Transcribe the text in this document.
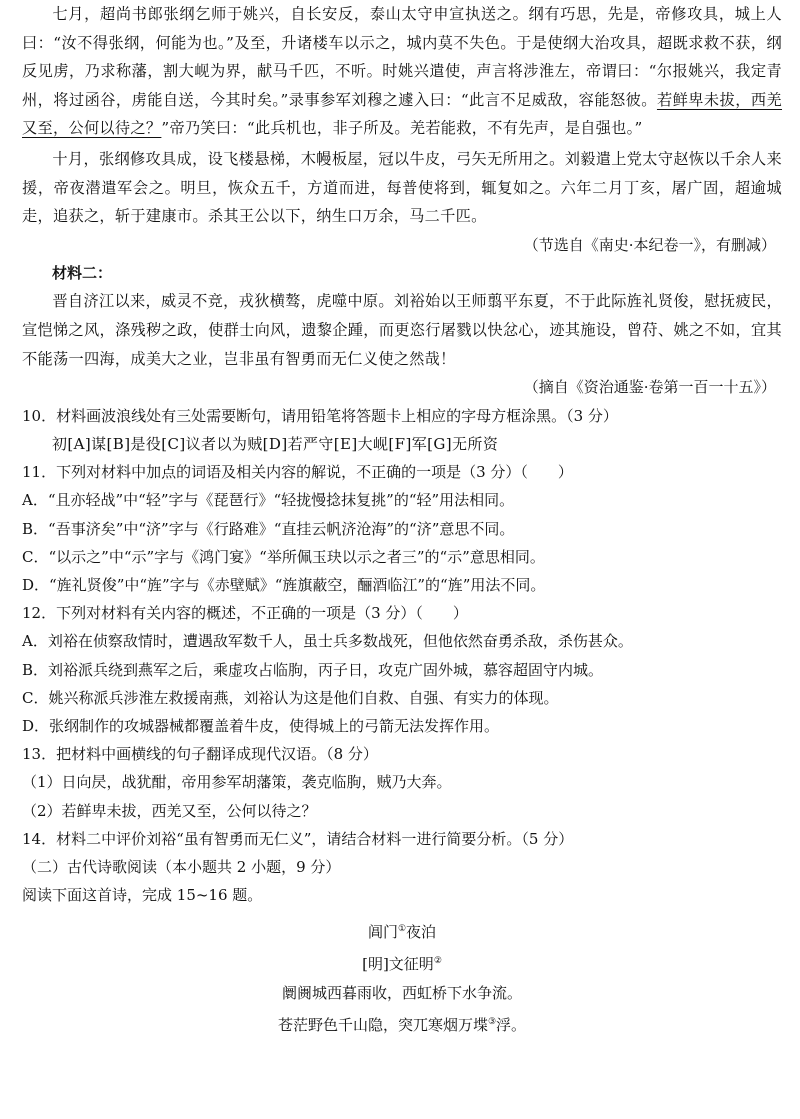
七月，超尚书郎张纲乞师于姚兴，自长安反，泰山太守申宣执送之。纲有巧思，先是，帝修攻具，城上人曰：“汝不得张纲，何能为也。”及至，升诸楼车以示之，城内莫不失色。于是使纲大治攻具，超既求救不获，纲反见虏，乃求称藩，割大岘为界，献马千匹，不听。时姚兴遣使，声言将涉淮左，帝谓曰：“尔报姚兴，我定青州，将过函谷，虏能自送，今其时矣。”录事参军刘穆之遽入曰：“此言不足威敌，容能怒彼。若鲜卑未拔，西羌又至，公何以待之？”帝乃笑曰：“此兵机也，非子所及。羌若能救，不有先声，是自强也。”

十月，张纲修攻具成，设飞楼悬梯，木幔板屋，冠以牛皮，弓矢无所用之。刘毅遣上党太守赵恢以千余人来援，帝夜潜遣军会之。明旦，恢众五千，方道而进，每普使将到，辄复如之。六年二月丁亥，屠广固，超逾城走，追获之，斩于建康市。杀其王公以下，纳生口万余，马二千匹。

（节选自《南史·本纪卷一》，有删减）

材料二：

晋自济江以来，威灵不竞，戎狄横骜，虎噬中原。刘裕始以王师翦平东夏，不于此际旌礼贤俊，慰抚疲民，宣恺悌之风，涤残秽之政，使群士向风，遗黎企踵，而更恣行屠戮以快忿心，迹其施设，曾苻、姚之不如，宜其不能荡一四海，成美大之业，岂非虽有智勇而无仁义使之然哉！

（摘自《资治通鉴·卷第一百一十五》）

10．材料画波浪线处有三处需要断句，请用铅笔将答题卡上相应的字母方框涂黑。（3 分）

初[A]谋[B]是役[C]议者以为贼[D]若严守[E]大岘[F]军[G]无所资

11．下列对材料中加点的词语及相关内容的解说，不正确的一项是（3 分）（　　）

A．“且亦轻战”中“轻”字与《琵琶行》“轻拢慢捻抹复挑”的“轻”用法相同。

B．“吾事济矣”中“济”字与《行路难》“直挂云帆济沧海”的“济”意思不同。

C．“以示之”中“示”字与《鸿门宴》“举所佩玉玦以示之者三”的“示”意思相同。

D．“旌礼贤俊”中“旌”字与《赤壁赋》“旌旗蔽空，酾酒临江”的“旌”用法不同。

12．下列对材料有关内容的概述，不正确的一项是（3 分）（　　）

A．刘裕在侦察敌情时，遭遇敌军数千人，虽士兵多数战死，但他依然奋勇杀敌，杀伤甚众。

B．刘裕派兵绕到燕军之后，乘虚攻占临朐，丙子日，攻克广固外城，慕容超固守内城。

C．姚兴称派兵涉淮左救援南燕，刘裕认为这是他们自救、自强、有实力的体现。

D．张纲制作的攻城器械都覆盖着牛皮，使得城上的弓箭无法发挥作用。

13．把材料中画横线的句子翻译成现代汉语。（8 分）

（1）日向昃，战犹酣，帝用参军胡藩策，袭克临朐，贼乃大奔。

（2）若鲜卑未拔，西羌又至，公何以待之？

14．材料二中评价刘裕“虽有智勇而无仁义”，请结合材料一进行简要分析。（5 分）

（二）古代诗歌阅读（本小题共 2 小题，9 分）

阅读下面这首诗，完成 15~16 题。

阊门①夜泊

[明]文征明②

阛阓城西暮雨收，西虹桥下水争流。

苍茫野色千山隐，突兀寒烟万堞③浮。
